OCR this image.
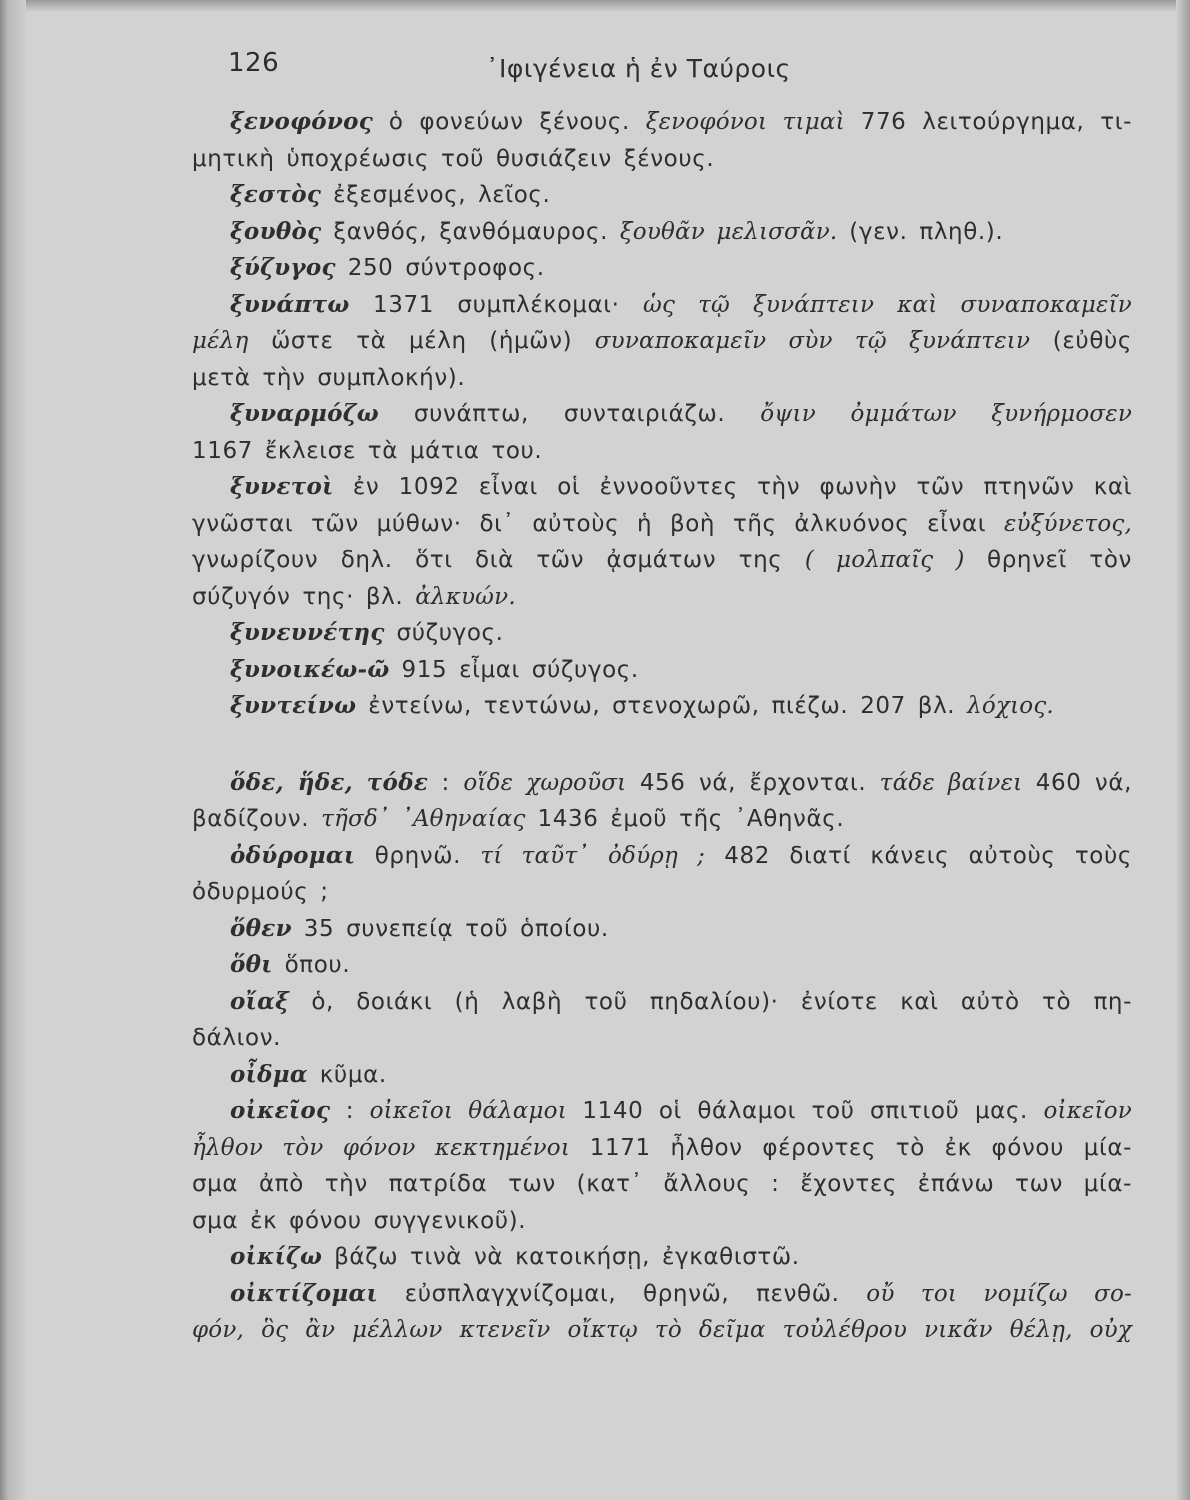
126	᾿Ιφιγένεια ἡ ἐν Ταύροις
ξενοφόνος ὁ φονεύων ξένους. ξενοφόνοι τιμαὶ 776 λειτούργημα, τι-
μητικὴ ὑποχρέωσις τοῦ θυσιάζειν ξένους.
ξεστὸς ἐξεσμένος, λεῖος.
ξουθὸς ξανθός, ξανθόμαυρος. ξουθᾶν μελισσᾶν. (γεν. πληθ.).
ξύζυγος 250 σύντροφος.
ξυνάπτω 1371 συμπλέκομαι· ὡς τῷ ξυνάπτειν καὶ συναποκαμεῖν
μέλη ὥστε τὰ μέλη (ἡμῶν) συναποκαμεῖν σὺν τῷ ξυνάπτειν (εὐθὺς
μετὰ τὴν συμπλοκήν).
ξυναρμόζω συνάπτω, συνταιριάζω. ὄψιν ὀμμάτων ξυνήρμοσεν
1167 ἔκλεισε τὰ μάτια του.
ξυνετοὶ ἐν 1092 εἶναι οἱ ἐννοοῦντες τὴν φωνὴν τῶν πτηνῶν καὶ
γνῶσται τῶν μύθων· δι᾿ αὐτοὺς ἡ βοὴ τῆς ἀλκυόνος εἶναι εὐξύνετος,
γνωρίζουν δηλ. ὅτι διὰ τῶν ᾀσμάτων της ( μολπαῖς ) θρηνεῖ τὸν
σύζυγόν της· βλ. ἀλκυών.
ξυνευνέτης σύζυγος.
ξυνοικέω-ῶ 915 εἶμαι σύζυγος.
ξυντείνω ἐντείνω, τεντώνω, στενοχωρῶ, πιέζω. 207 βλ. λόχιος.
ὅδε, ἥδε, τόδε : οἵδε χωροῦσι 456 νά, ἔρχονται. τάδε βαίνει 460 νά,
βαδίζουν. τῆσδ᾿ ᾿Αθηναίας 1436 ἐμοῦ τῆς ᾿Αθηνᾶς.
ὀδύρομαι θρηνῶ. τί ταῦτ᾿ ὀδύρῃ ; 482 διατί κάνεις αὐτοὺς τοὺς
ὀδυρμούς ;
ὅθεν 35 συνεπείᾳ τοῦ ὁποίου.
ὅθι ὅπου.
οἴαξ ὁ, δοιάκι (ἡ λαβὴ τοῦ πηδαλίου)· ἐνίοτε καὶ αὐτὸ τὸ πη-
δάλιον.
οἶδμα κῦμα.
οἰκεῖος : οἰκεῖοι θάλαμοι 1140 οἱ θάλαμοι τοῦ σπιτιοῦ μας. οἰκεῖον
ἦλθον τὸν φόνον κεκτημένοι 1171 ἦλθον φέροντες τὸ ἐκ φόνου μία-
σμα ἀπὸ τὴν πατρίδα των (κατ᾿ ἄλλους : ἔχοντες ἐπάνω των μία-
σμα ἐκ φόνου συγγενικοῦ).
οἰκίζω βάζω τινὰ νὰ κατοικήσῃ, ἐγκαθιστῶ.
οἰκτίζομαι εὐσπλαγχνίζομαι, θρηνῶ, πενθῶ. οὔ τοι νομίζω σο-
φόν, ὃς ἂν μέλλων κτενεῖν οἴκτῳ τὸ δεῖμα τοὐλέθρου νικᾶν θέλῃ, οὐχ
